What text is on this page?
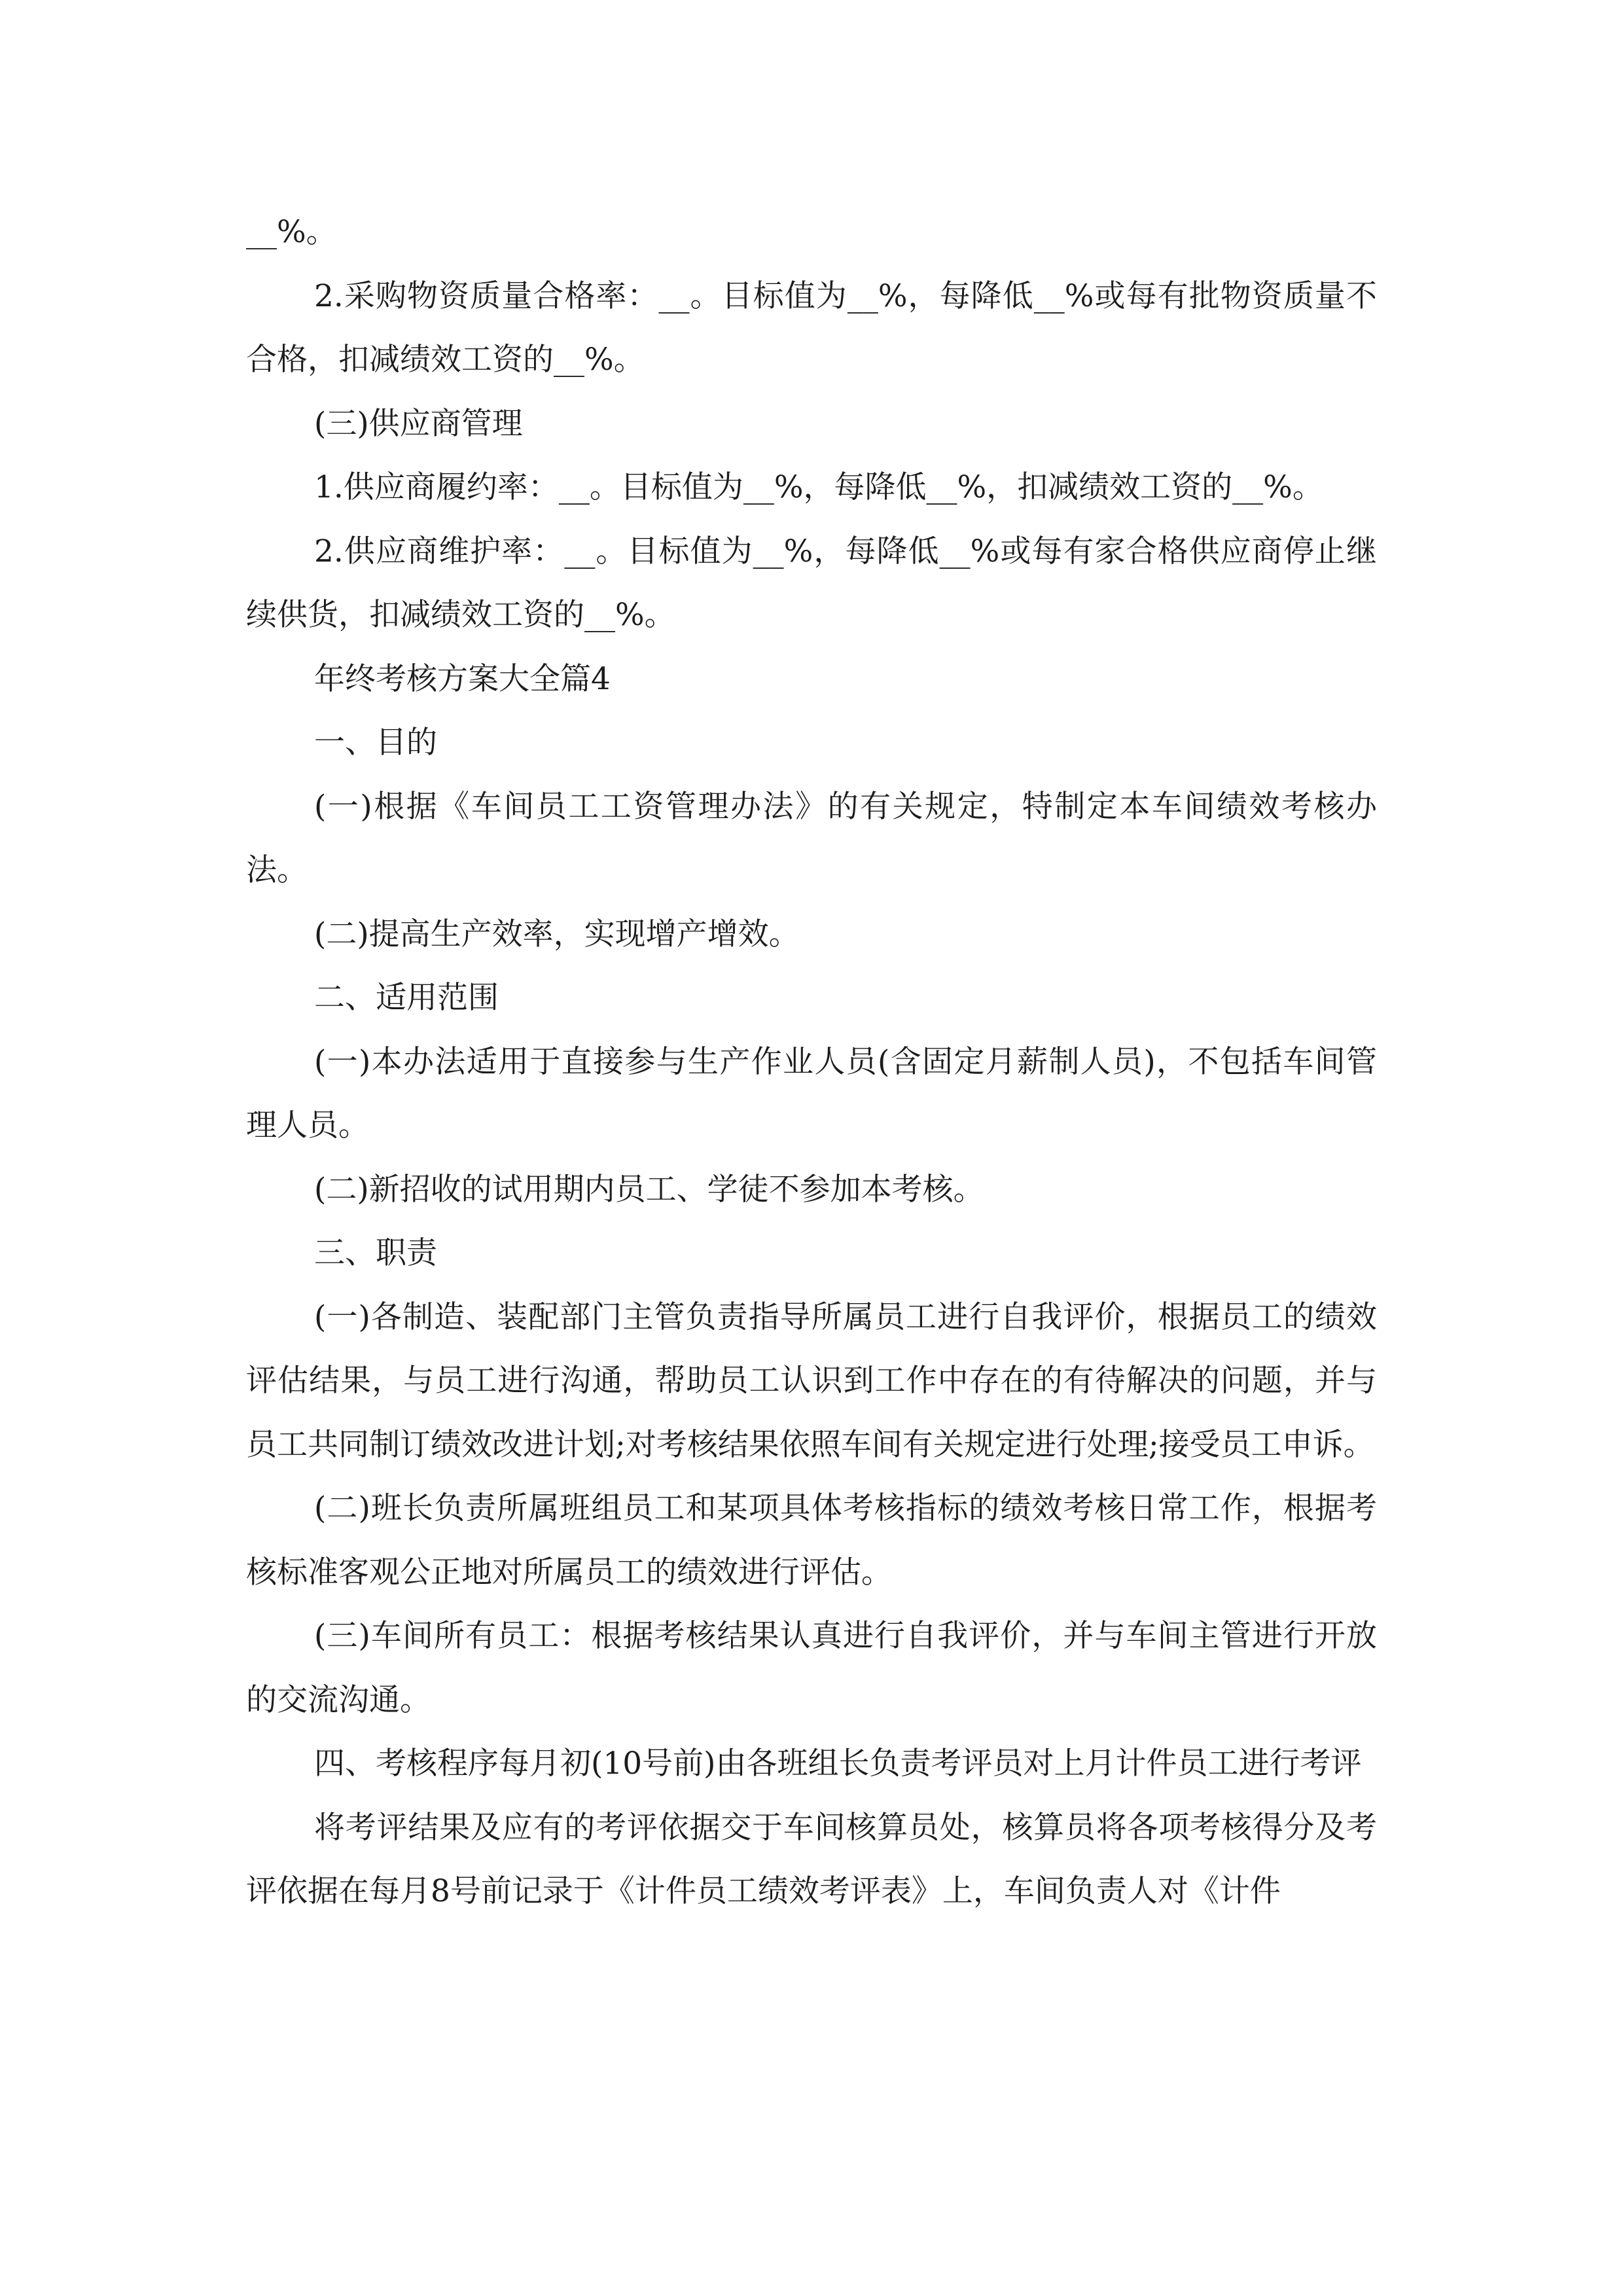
__%。

2.采购物资质量合格率：__。目标值为__%，每降低__%或每有批物资质量不合格，扣减绩效工资的__%。

(三)供应商管理

1.供应商履约率：__。目标值为__%，每降低__%，扣减绩效工资的__%。

2.供应商维护率：__。目标值为__%，每降低__%或每有家合格供应商停止继续供货，扣减绩效工资的__%。

年终考核方案大全篇4

一、目的

(一)根据《车间员工工资管理办法》的有关规定，特制定本车间绩效考核办法。

(二)提高生产效率，实现增产增效。

二、适用范围

(一)本办法适用于直接参与生产作业人员(含固定月薪制人员)，不包括车间管理人员。

(二)新招收的试用期内员工、学徒不参加本考核。

三、职责

(一)各制造、装配部门主管负责指导所属员工进行自我评价，根据员工的绩效评估结果，与员工进行沟通，帮助员工认识到工作中存在的有待解决的问题，并与员工共同制订绩效改进计划;对考核结果依照车间有关规定进行处理;接受员工申诉。

(二)班长负责所属班组员工和某项具体考核指标的绩效考核日常工作，根据考核标准客观公正地对所属员工的绩效进行评估。

(三)车间所有员工：根据考核结果认真进行自我评价，并与车间主管进行开放的交流沟通。

四、考核程序每月初(10号前)由各班组长负责考评员对上月计件员工进行考评

将考评结果及应有的考评依据交于车间核算员处，核算员将各项考核得分及考评依据在每月8号前记录于《计件员工绩效考评表》上，车间负责人对《计件
